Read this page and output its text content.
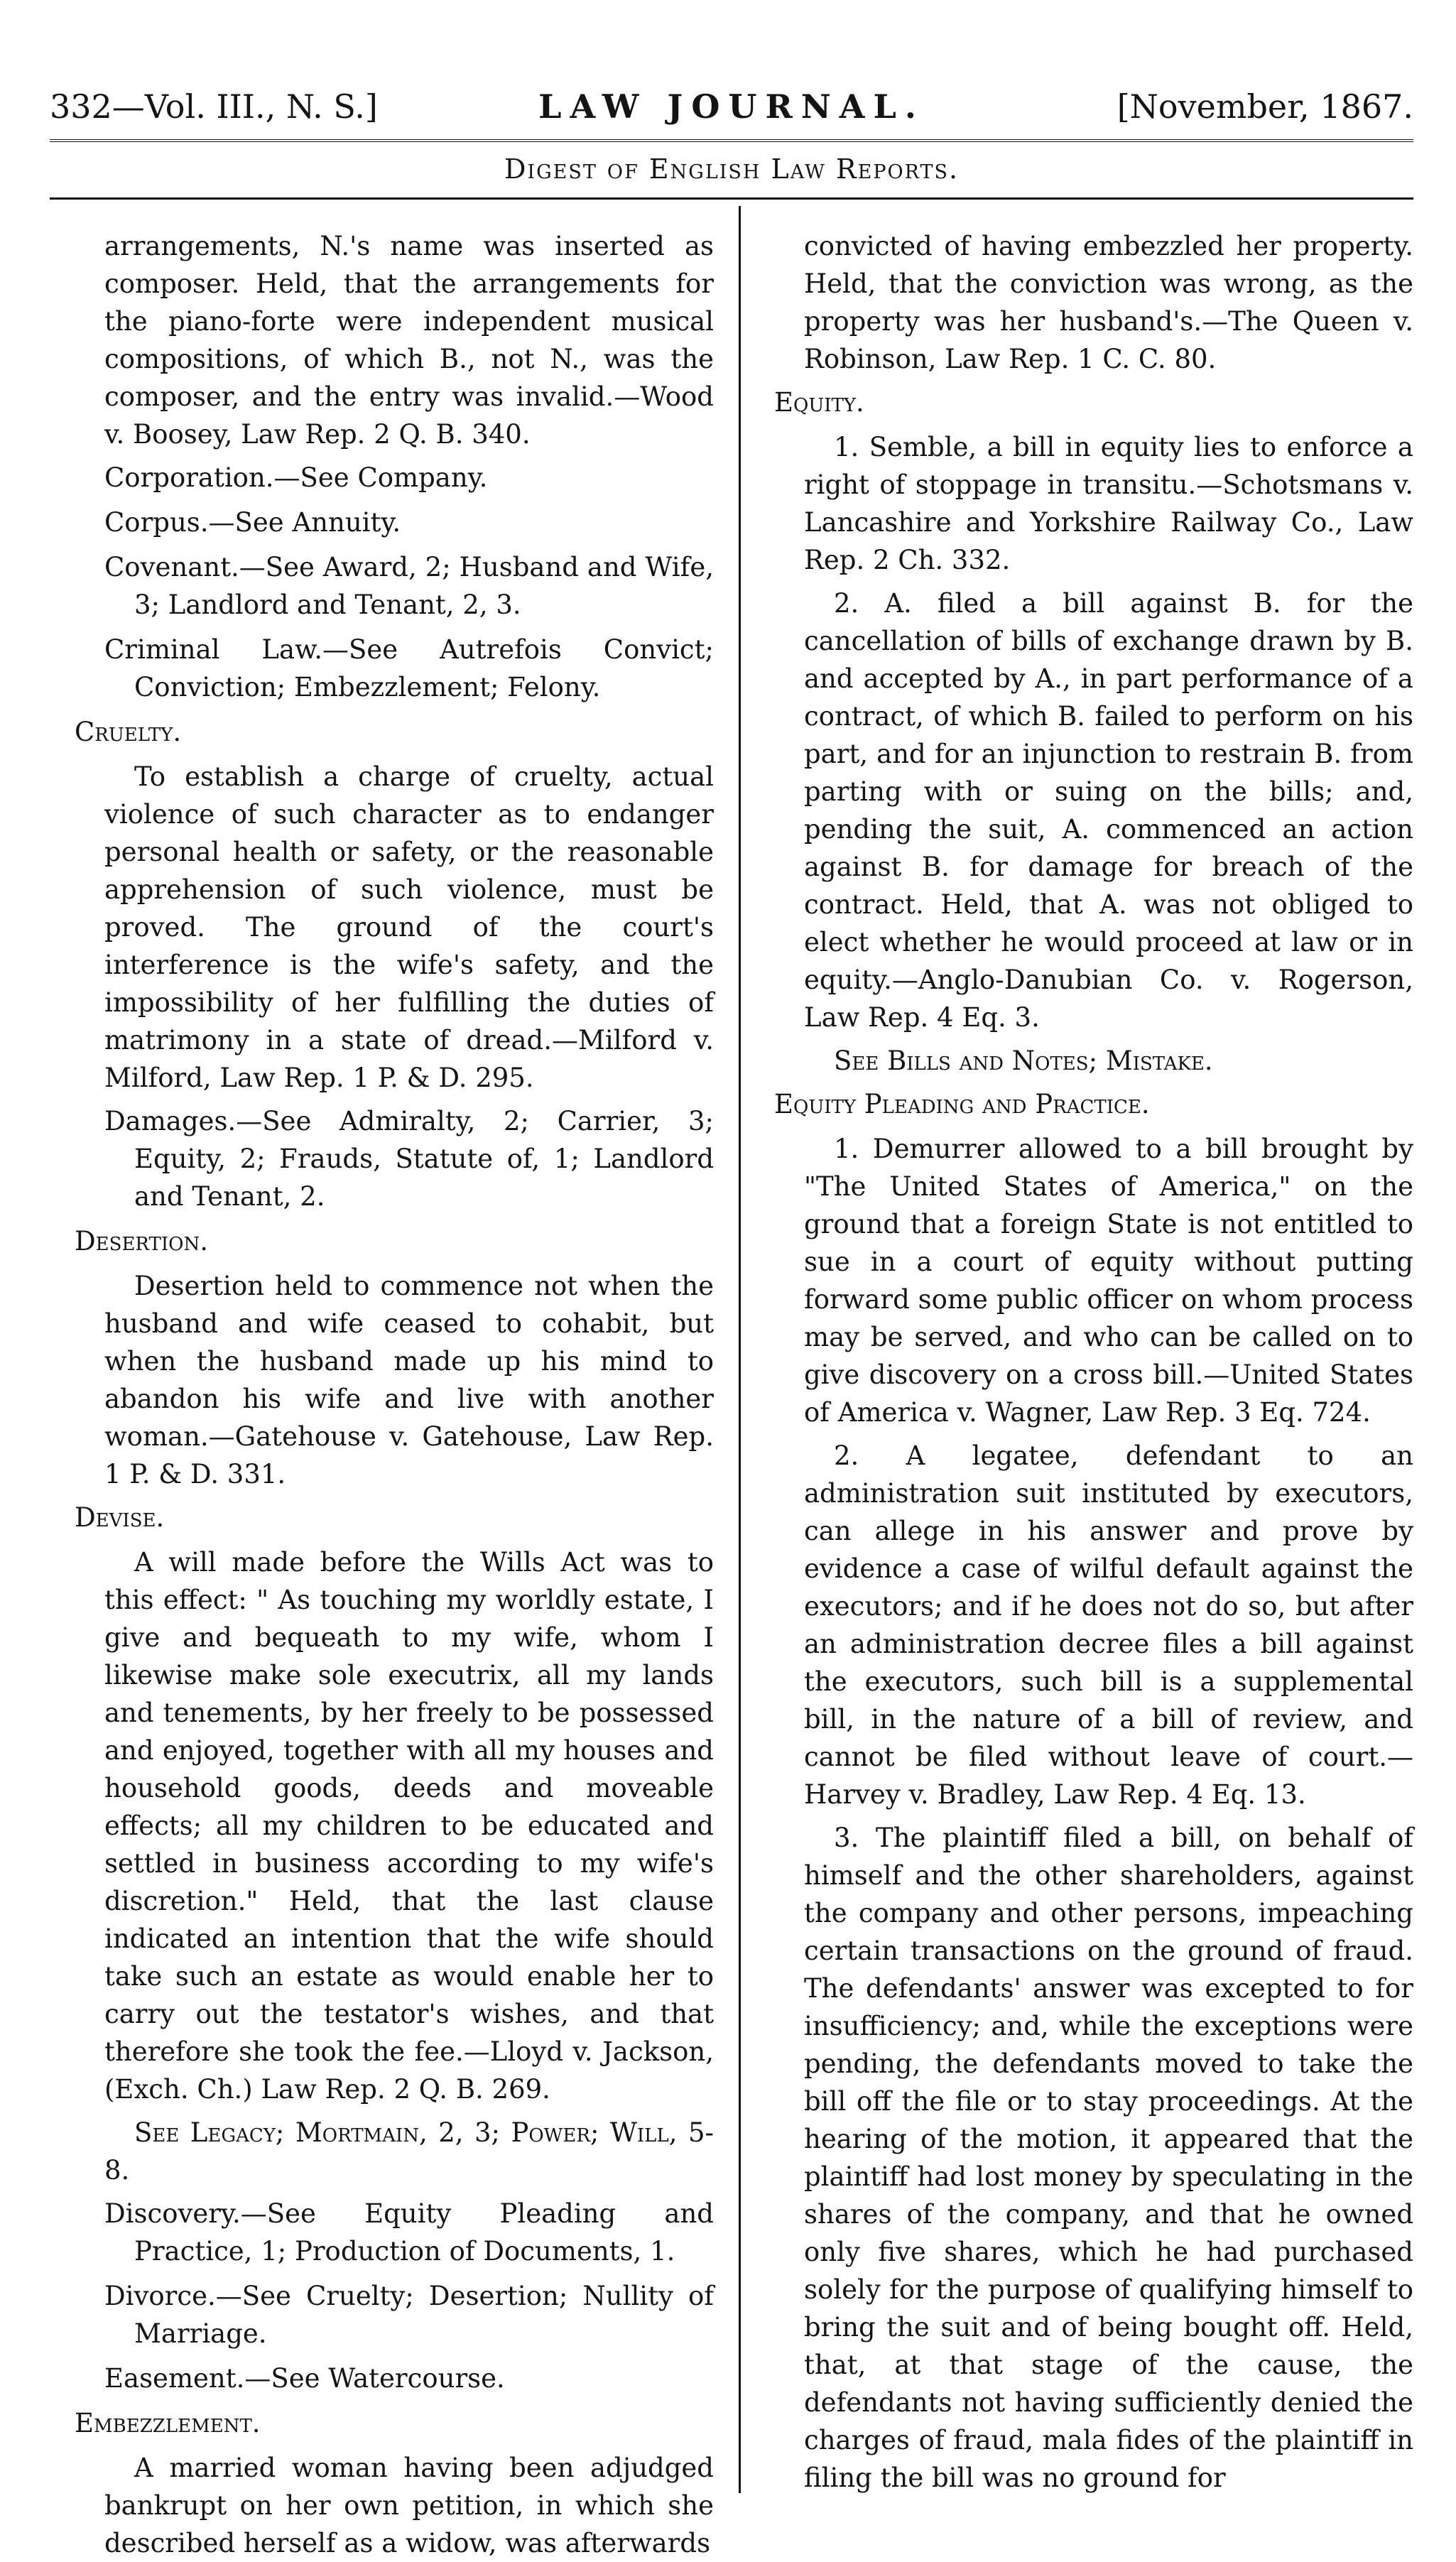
332—Vol. III., N. S.]	LAW JOURNAL.	[November, 1867.
Digest of English Law Reports.

arrangements, N.'s name was inserted as composer. Held, that the arrangements for the piano-forte were independent musical compositions, of which B., not N., was the composer, and the entry was invalid.—Wood v. Boosey, Law Rep. 2 Q. B. 340.

Corporation.—See Company.

Corpus.—See Annuity.

Covenant.—See Award, 2; Husband and Wife, 3; Landlord and Tenant, 2, 3.

Criminal Law.—See Autrefois Convict; Conviction; Embezzlement; Felony.

Cruelty.

To establish a charge of cruelty, actual violence of such character as to endanger personal health or safety, or the reasonable apprehension of such violence, must be proved. The ground of the court's interference is the wife's safety, and the impossibility of her fulfilling the duties of matrimony in a state of dread.—Milford v. Milford, Law Rep. 1 P. & D. 295.

Damages.—See Admiralty, 2; Carrier, 3; Equity, 2; Frauds, Statute of, 1; Landlord and Tenant, 2.

Desertion.

Desertion held to commence not when the husband and wife ceased to cohabit, but when the husband made up his mind to abandon his wife and live with another woman.—Gatehouse v. Gatehouse, Law Rep. 1 P. & D. 331.

Devise.

A will made before the Wills Act was to this effect: " As touching my worldly estate, I give and bequeath to my wife, whom I likewise make sole executrix, all my lands and tenements, by her freely to be possessed and enjoyed, together with all my houses and household goods, deeds and moveable effects; all my children to be educated and settled in business according to my wife's discretion." Held, that the last clause indicated an intention that the wife should take such an estate as would enable her to carry out the testator's wishes, and that therefore she took the fee.—Lloyd v. Jackson, (Exch. Ch.) Law Rep. 2 Q. B. 269.

See Legacy; Mortmain, 2, 3; Power; Will, 5-8.

Discovery.—See Equity Pleading and Practice, 1; Production of Documents, 1.

Divorce.—See Cruelty; Desertion; Nullity of Marriage.

Easement.—See Watercourse.

Embezzlement.

A married woman having been adjudged bankrupt on her own petition, in which she described herself as a widow, was afterwards

convicted of having embezzled her property. Held, that the conviction was wrong, as the property was her husband's.—The Queen v. Robinson, Law Rep. 1 C. C. 80.

Equity.

1. Semble, a bill in equity lies to enforce a right of stoppage in transitu.—Schotsmans v. Lancashire and Yorkshire Railway Co., Law Rep. 2 Ch. 332.

2. A. filed a bill against B. for the cancellation of bills of exchange drawn by B. and accepted by A., in part performance of a contract, of which B. failed to perform on his part, and for an injunction to restrain B. from parting with or suing on the bills; and, pending the suit, A. commenced an action against B. for damage for breach of the contract. Held, that A. was not obliged to elect whether he would proceed at law or in equity.—Anglo-Danubian Co. v. Rogerson, Law Rep. 4 Eq. 3.

See Bills and Notes; Mistake.

Equity Pleading and Practice.

1. Demurrer allowed to a bill brought by "The United States of America," on the ground that a foreign State is not entitled to sue in a court of equity without putting forward some public officer on whom process may be served, and who can be called on to give discovery on a cross bill.—United States of America v. Wagner, Law Rep. 3 Eq. 724.

2. A legatee, defendant to an administration suit instituted by executors, can allege in his answer and prove by evidence a case of wilful default against the executors; and if he does not do so, but after an administration decree files a bill against the executors, such bill is a supplemental bill, in the nature of a bill of review, and cannot be filed without leave of court.—Harvey v. Bradley, Law Rep. 4 Eq. 13.

3. The plaintiff filed a bill, on behalf of himself and the other shareholders, against the company and other persons, impeaching certain transactions on the ground of fraud. The defendants' answer was excepted to for insufficiency; and, while the exceptions were pending, the defendants moved to take the bill off the file or to stay proceedings. At the hearing of the motion, it appeared that the plaintiff had lost money by speculating in the shares of the company, and that he owned only five shares, which he had purchased solely for the purpose of qualifying himself to bring the suit and of being bought off. Held, that, at that stage of the cause, the defendants not having sufficiently denied the charges of fraud, mala fides of the plaintiff in filing the bill was no ground for
